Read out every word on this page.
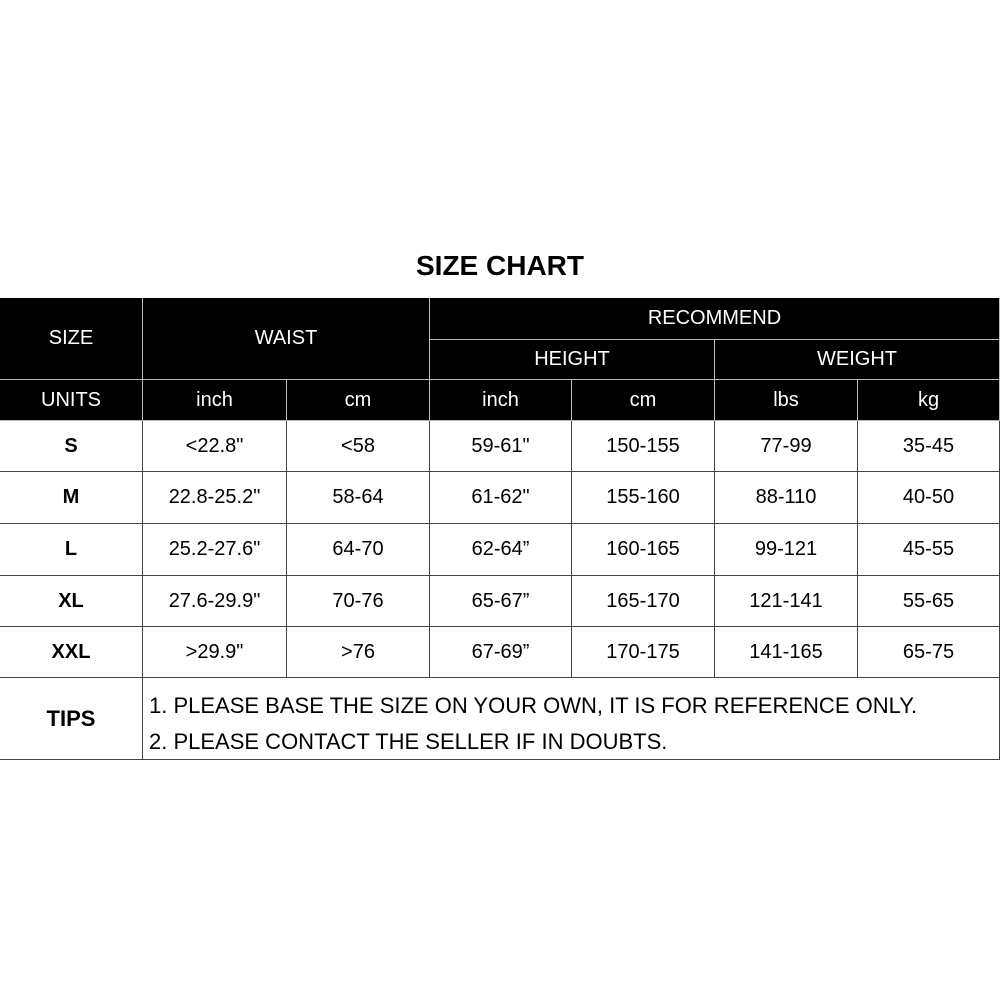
SIZE CHART
SIZE	WAIST
RECOMMEND
HEIGHT	WEIGHT
UNITS	inch	cm	inch	cm	lbs	kg
S	<22.8"	<58	59-61"	150-155	77-99	35-45
M	22.8-25.2"	58-64	61-62"	155-160	88-110	40-50
L	25.2-27.6"	64-70	62-64”	160-165	99-121	45-55
XL	27.6-29.9"	70-76	65-67”	165-170	121-141	55-65
XXL	>29.9"	>76	67-69”	170-175	141-165	65-75
TIPS	1. PLEASE BASE THE SIZE ON YOUR OWN, IT IS FOR REFERENCE ONLY.
2. PLEASE CONTACT THE SELLER IF IN DOUBTS.
